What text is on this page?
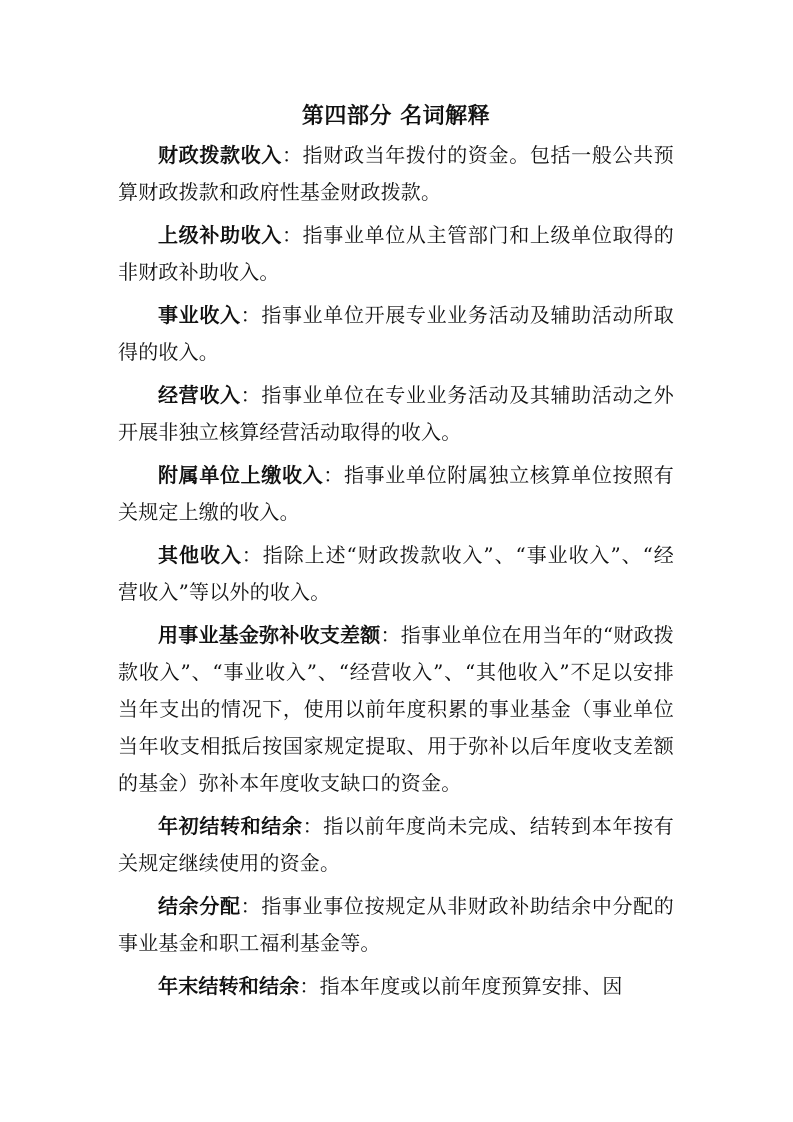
第四部分 名词解释

财政拨款收入：指财政当年拨付的资金。包括一般公共预算财政拨款和政府性基金财政拨款。

上级补助收入：指事业单位从主管部门和上级单位取得的非财政补助收入。

事业收入：指事业单位开展专业业务活动及辅助活动所取得的收入。

经营收入：指事业单位在专业业务活动及其辅助活动之外开展非独立核算经营活动取得的收入。

附属单位上缴收入：指事业单位附属独立核算单位按照有关规定上缴的收入。

其他收入：指除上述“财政拨款收入”、“事业收入”、“经营收入”等以外的收入。

用事业基金弥补收支差额：指事业单位在用当年的“财政拨款收入”、“事业收入”、“经营收入”、“其他收入”不足以安排当年支出的情况下，使用以前年度积累的事业基金（事业单位当年收支相抵后按国家规定提取、用于弥补以后年度收支差额的基金）弥补本年度收支缺口的资金。

年初结转和结余：指以前年度尚未完成、结转到本年按有关规定继续使用的资金。

结余分配：指事业事位按规定从非财政补助结余中分配的事业基金和职工福利基金等。

年末结转和结余：指本年度或以前年度预算安排、因
